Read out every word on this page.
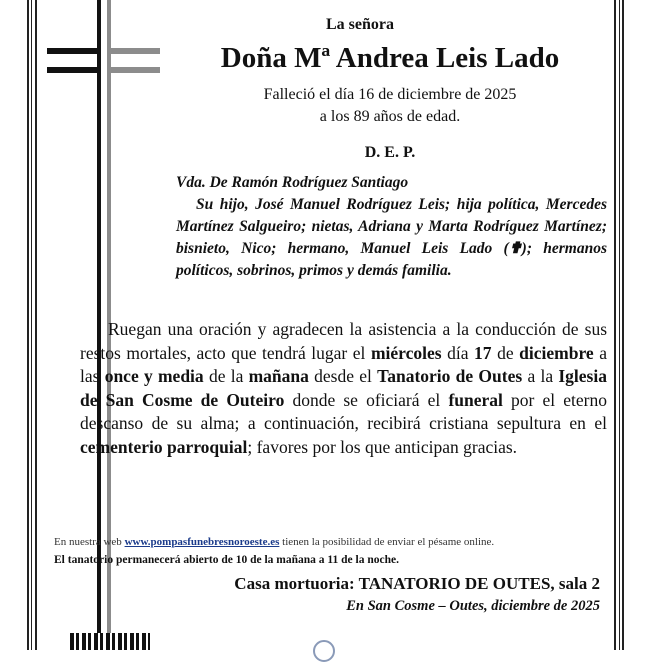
La señora
Doña Mª Andrea Leis Lado
Falleció el día 16 de diciembre de 2025
a los 89 años de edad.
D. E. P.

Vda. De Ramón Rodríguez Santiago

Su hijo, José Manuel Rodríguez Leis; hija política, Mercedes Martínez Salgueiro; nietas, Adriana y Marta Rodríguez Martínez; bisnieto, Nico; hermano, Manuel Leis Lado (✟); hermanos políticos, sobrinos, primos y demás familia.

Ruegan una oración y agradecen la asistencia a la conducción de sus restos mortales, acto que tendrá lugar el miércoles día 17 de diciembre a las once y media de la mañana desde el Tanatorio de Outes a la Iglesia de San Cosme de Outeiro donde se oficiará el funeral por el eterno descanso de su alma; a continuación, recibirá cristiana sepultura en el cementerio parroquial; favores por los que anticipan gracias.

En nuestra web www.pompasfunebresnoroeste.es tienen la posibilidad de enviar el pésame online.
El tanatorio permanecerá abierto de 10 de la mañana a 11 de la noche.
Casa mortuoria: TANATORIO DE OUTES, sala 2
En San Cosme – Outes, diciembre de 2025
